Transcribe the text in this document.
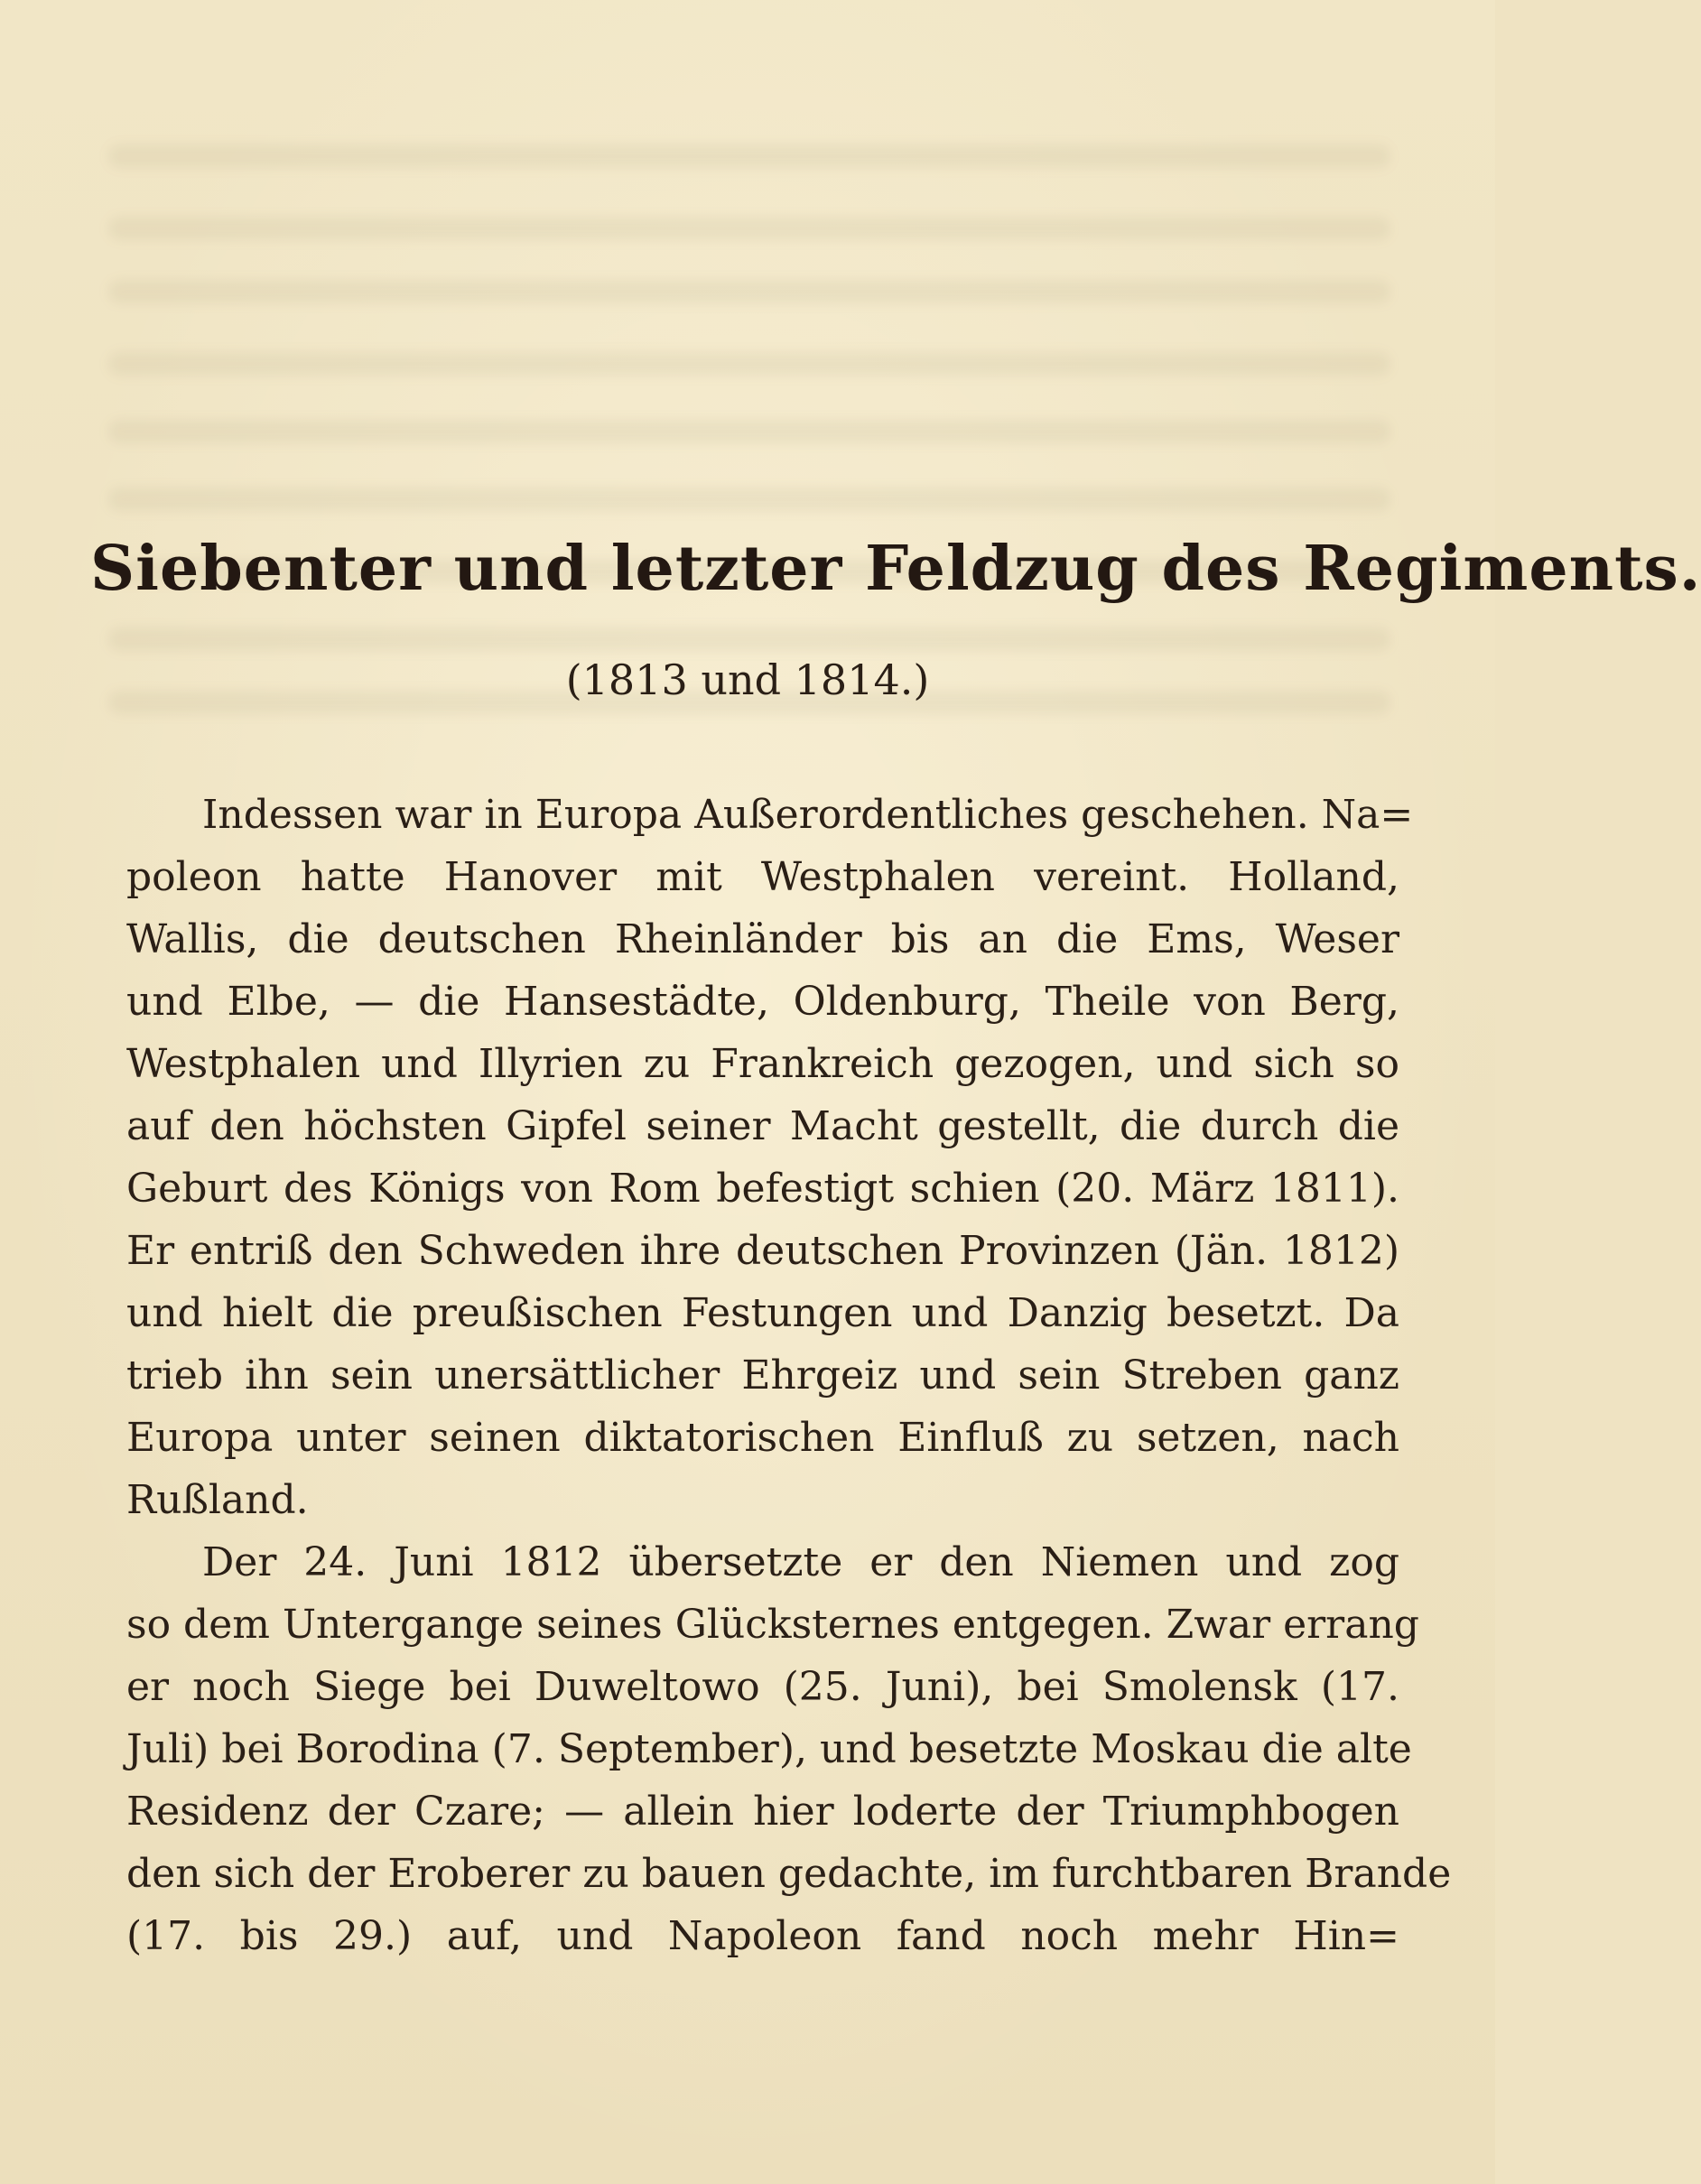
Siebenter und letzter Feldzug des Regiments.
(1813 und 1814.)
Indessen war in Europa Außerordentliches geschehen. Na=
poleon hatte Hanover mit Westphalen vereint. Holland,
Wallis, die deutschen Rheinländer bis an die Ems, Weser
und Elbe, — die Hansestädte, Oldenburg, Theile von Berg,
Westphalen und Illyrien zu Frankreich gezogen, und sich so
auf den höchsten Gipfel seiner Macht gestellt, die durch die
Geburt des Königs von Rom befestigt schien (20. März 1811).
Er entriß den Schweden ihre deutschen Provinzen (Jän. 1812)
und hielt die preußischen Festungen und Danzig besetzt. Da
trieb ihn sein unersättlicher Ehrgeiz und sein Streben ganz
Europa unter seinen diktatorischen Einfluß zu setzen, nach
Rußland.
Der 24. Juni 1812 übersetzte er den Niemen und zog
so dem Untergange seines Glücksternes entgegen. Zwar errang
er noch Siege bei Duweltowo (25. Juni), bei Smolensk (17.
Juli) bei Borodina (7. September), und besetzte Moskau die alte
Residenz der Czare; — allein hier loderte der Triumphbogen
den sich der Eroberer zu bauen gedachte, im furchtbaren Brande
(17. bis 29.) auf, und Napoleon fand noch mehr Hin=
